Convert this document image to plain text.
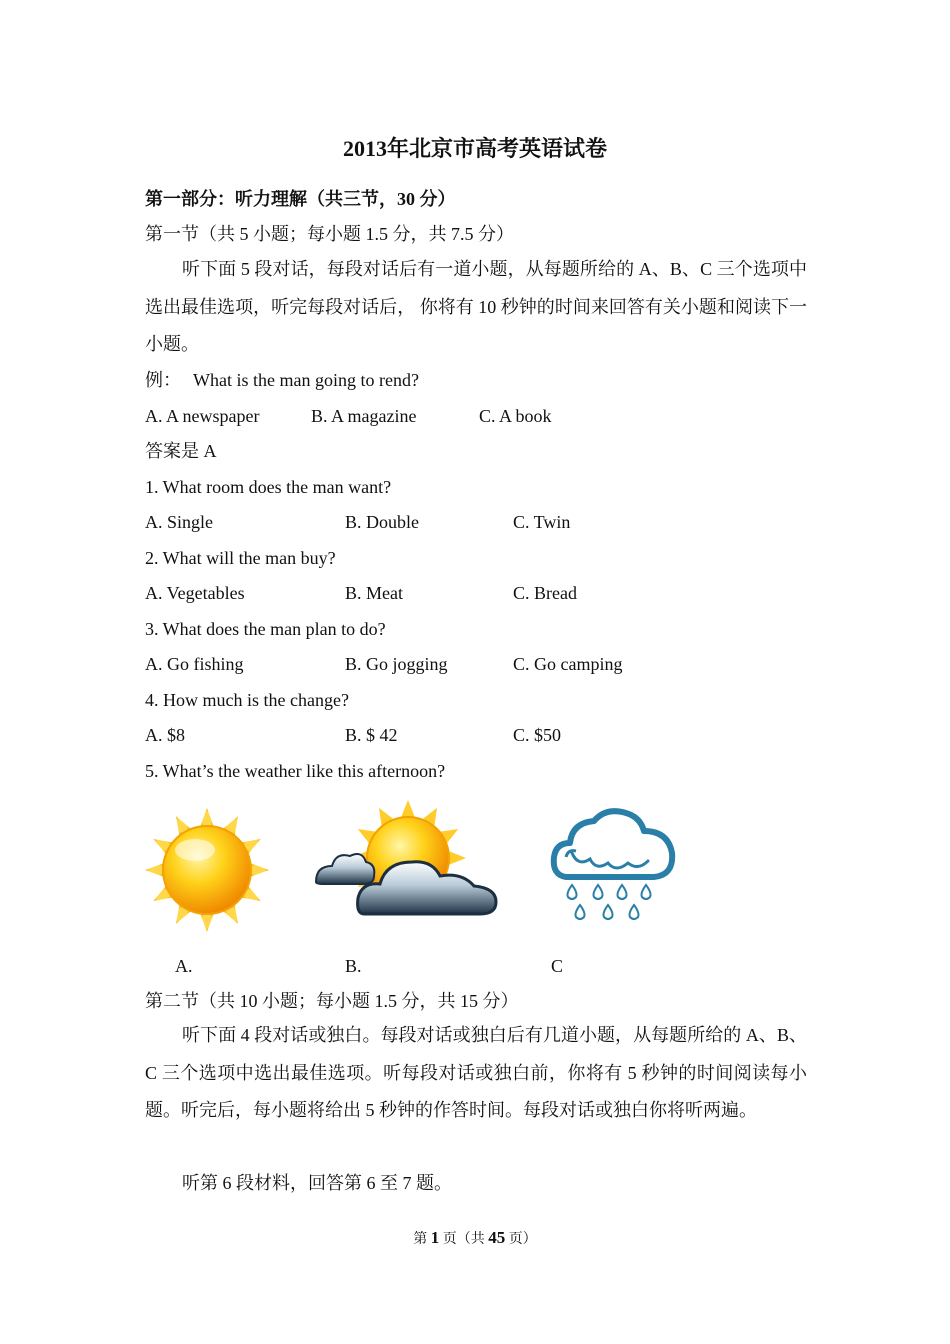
2013年北京市高考英语试卷
第一部分：听力理解（共三节，30 分）
第一节（共 5 小题；每小题 1.5 分，共 7.5 分）
听下面 5 段对话，每段对话后有一道小题，从每题所给的 A、B、C 三个选项中选出最佳选项，听完每段对话后， 你将有 10 秒钟的时间来回答有关小题和阅读下一小题。
例： What is the man going to rend?
A. A newspaper	B. A magazine	C. A book
答案是 A
1. What room does the man want?
A. Single	B. Double	C. Twin
2. What will the man buy?
A. Vegetables	B. Meat	C. Bread
3. What does the man plan to do?
A. Go fishing	B. Go jogging	C. Go camping
4. How much is the change?
A. $8	B. $ 42	C. $50
5. What’s the weather like this afternoon?
A.	B.	C
第二节（共 10 小题；每小题 1.5 分，共 15 分）
听下面 4 段对话或独白。每段对话或独白后有几道小题，从每题所给的 A、B、C 三个选项中选出最佳选项。听每段对话或独白前，你将有 5 秒钟的时间阅读每小题。听完后，每小题将给出 5 秒钟的作答时间。每段对话或独白你将听两遍。
听第 6 段材料，回答第 6 至 7 题。
第 1 页（共 45 页）
